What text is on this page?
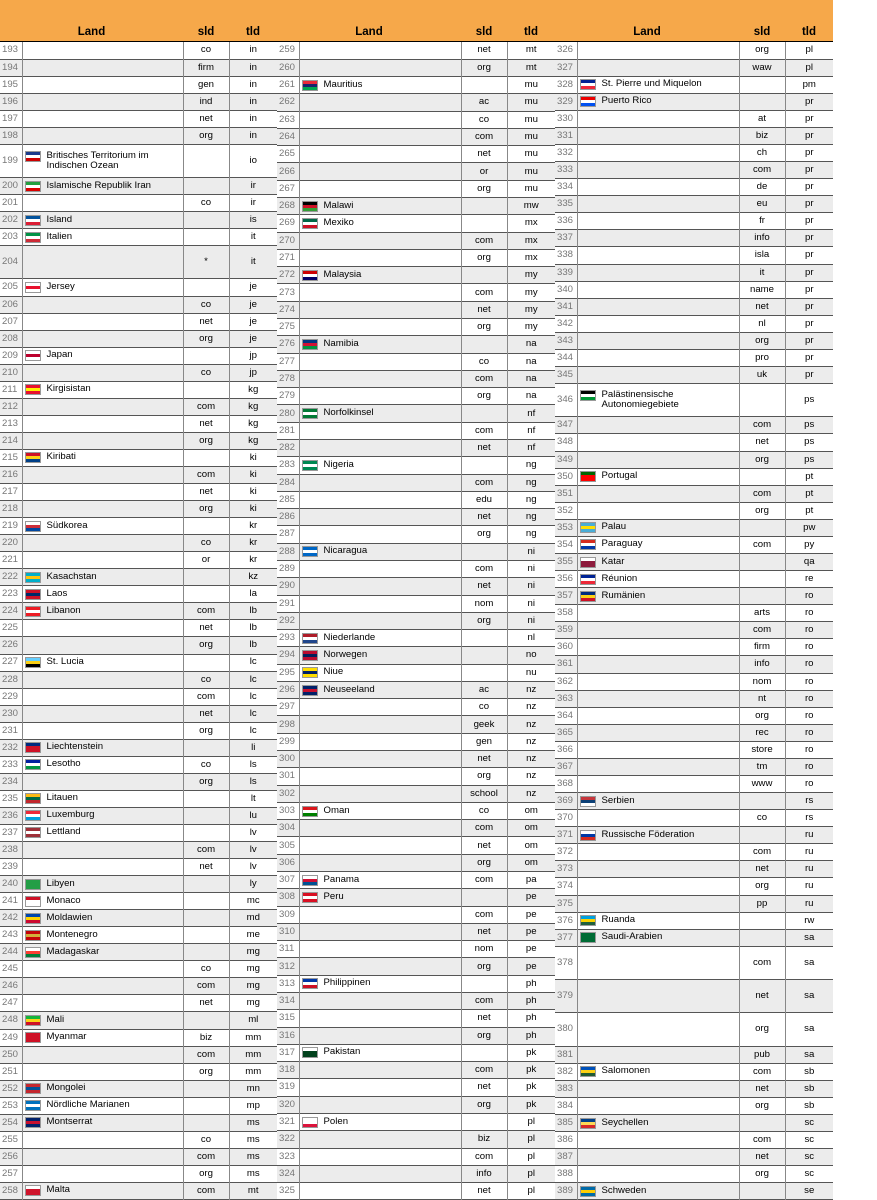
Land	sld	tld
193		co	in
194		firm	in
195		gen	in
196		ind	in
197		net	in
198		org	in
199	Britisches Territorium im Indischen Ozean		io
200	Islamische Republik Iran		ir
201		co	ir
202	Island		is
203	Italien		it
204		*	it
205	Jersey		je
206		co	je
207		net	je
208		org	je
209	Japan		jp
210		co	jp
211	Kirgisistan		kg
212		com	kg
213		net	kg
214		org	kg
215	Kiribati		ki
216		com	ki
217		net	ki
218		org	ki
219	Südkorea		kr
220		co	kr
221		or	kr
222	Kasachstan		kz
223	Laos		la
224	Libanon	com	lb
225		net	lb
226		org	lb
227	St. Lucia		lc
228		co	lc
229		com	lc
230		net	lc
231		org	lc
232	Liechtenstein		li
233	Lesotho	co	ls
234		org	ls
235	Litauen		lt
236	Luxemburg		lu
237	Lettland		lv
238		com	lv
239		net	lv
240	Libyen		ly
241	Monaco		mc
242	Moldawien		md
243	Montenegro		me
244	Madagaskar		mg
245		co	mg
246		com	mg
247		net	mg
248	Mali		ml
249	Myanmar	biz	mm
250		com	mm
251		org	mm
252	Mongolei		mn
253	Nördliche Marianen		mp
254	Montserrat		ms
255		co	ms
256		com	ms
257		org	ms
258	Malta	com	mt
Land	sld	tld
259		net	mt
260		org	mt
261	Mauritius		mu
262		ac	mu
263		co	mu
264		com	mu
265		net	mu
266		or	mu
267		org	mu
268	Malawi		mw
269	Mexiko		mx
270		com	mx
271		org	mx
272	Malaysia		my
273		com	my
274		net	my
275		org	my
276	Namibia		na
277		co	na
278		com	na
279		org	na
280	Norfolkinsel		nf
281		com	nf
282		net	nf
283	Nigeria		ng
284		com	ng
285		edu	ng
286		net	ng
287		org	ng
288	Nicaragua		ni
289		com	ni
290		net	ni
291		nom	ni
292		org	ni
293	Niederlande		nl
294	Norwegen		no
295	Niue		nu
296	Neuseeland	ac	nz
297		co	nz
298		geek	nz
299		gen	nz
300		net	nz
301		org	nz
302		school	nz
303	Oman	co	om
304		com	om
305		net	om
306		org	om
307	Panama	com	pa
308	Peru		pe
309		com	pe
310		net	pe
311		nom	pe
312		org	pe
313	Philippinen		ph
314		com	ph
315		net	ph
316		org	ph
317	Pakistan		pk
318		com	pk
319		net	pk
320		org	pk
321	Polen		pl
322		biz	pl
323		com	pl
324		info	pl
325		net	pl
Land	sld	tld
326		org	pl
327		waw	pl
328	St. Pierre und Miquelon		pm
329	Puerto Rico		pr
330		at	pr
331		biz	pr
332		ch	pr
333		com	pr
334		de	pr
335		eu	pr
336		fr	pr
337		info	pr
338		isla	pr
339		it	pr
340		name	pr
341		net	pr
342		nl	pr
343		org	pr
344		pro	pr
345		uk	pr
346	Palästinensische Autonomiegebiete		ps
347		com	ps
348		net	ps
349		org	ps
350	Portugal		pt
351		com	pt
352		org	pt
353	Palau		pw
354	Paraguay	com	py
355	Katar		qa
356	Réunion		re
357	Rumänien		ro
358		arts	ro
359		com	ro
360		firm	ro
361		info	ro
362		nom	ro
363		nt	ro
364		org	ro
365		rec	ro
366		store	ro
367		tm	ro
368		www	ro
369	Serbien		rs
370		co	rs
371	Russische Föderation		ru
372		com	ru
373		net	ru
374		org	ru
375		pp	ru
376	Ruanda		rw
377	Saudi-Arabien		sa
378		com	sa
379		net	sa
380		org	sa
381		pub	sa
382	Salomonen	com	sb
383		net	sb
384		org	sb
385	Seychellen		sc
386		com	sc
387		net	sc
388		org	sc
389	Schweden		se
